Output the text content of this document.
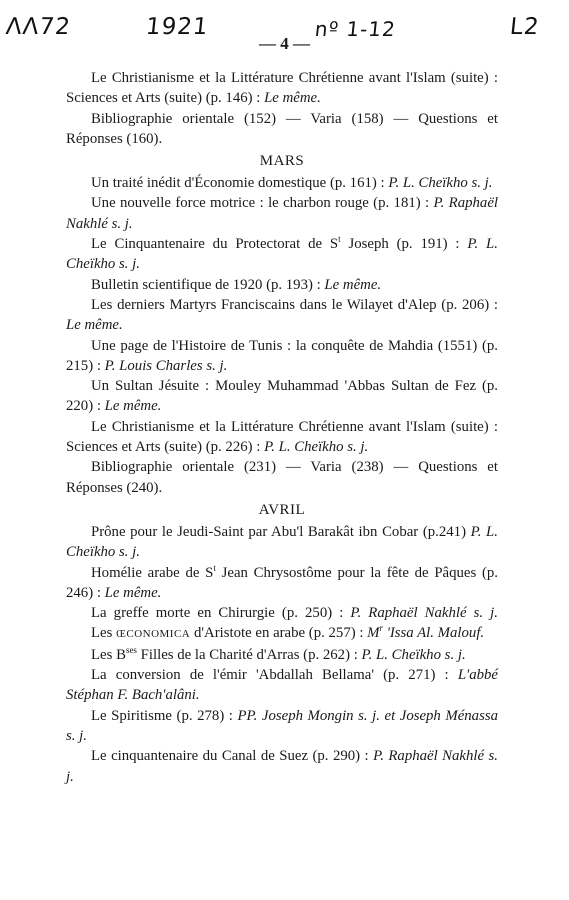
ɅɅ72	1921	nº 1-12	L2
— 4 —

Le Christianisme et la Littérature Chrétienne avant l'Islam (suite) : Sciences et Arts (suite) (p. 146) : Le même.

Bibliographie orientale (152) — Varia (158) — Questions et Réponses (160).

MARS

Un traité inédit d'Économie domestique (p. 161) : P. L. Cheïkho s. j.

Une nouvelle force motrice : le charbon rouge (p. 181) : P. Raphaël Nakhlé s. j.

Le Cinquantenaire du Protectorat de $S^t$ Joseph (p. 191) : P. L. Cheïkho s. j.

Bulletin scientifique de 1920 (p. 193) : Le même.

Les derniers Martyrs Franciscains dans le Wilayet d'Alep (p. 206) : Le même.

Une page de l'Histoire de Tunis : la conquête de Mahdia (1551) (p. 215) : P. Louis Charles s. j.

Un Sultan Jésuite : Mouley Muhammad 'Abbas Sultan de Fez (p. 220) : Le même.

Le Christianisme et la Littérature Chrétienne avant l'Islam (suite) : Sciences et Arts (suite) (p. 226) : P. L. Cheïkho s. j.

Bibliographie orientale (231) — Varia (238) — Questions et Réponses (240).

AVRIL

Prône pour le Jeudi-Saint par Abu'l Barakât ibn Cobar (p.241) P. L. Cheïkho s. j.

Homélie arabe de $S^t$ Jean Chrysostôme pour la fête de Pâques (p. 246) : Le même.

La greffe morte en Chirurgie (p. 250) : P. Raphaël Nakhlé s. j.

Les ŒCONOMICA d'Aristote en arabe (p. 257) : $M^r$ 'Issa Al. Malouf.

Les $B^{ses}$ Filles de la Charité d'Arras (p. 262) : P. L. Cheïkho s. j.

La conversion de l'émir 'Abdallah Bellama' (p. 271) : L'abbé Stéphan F. Bach'alâni.

Le Spiritisme (p. 278) : PP. Joseph Mongin s. j. et Joseph Ménassa s. j.

Le cinquantenaire du Canal de Suez (p. 290) : P. Raphaël Nakhlé s. j.
